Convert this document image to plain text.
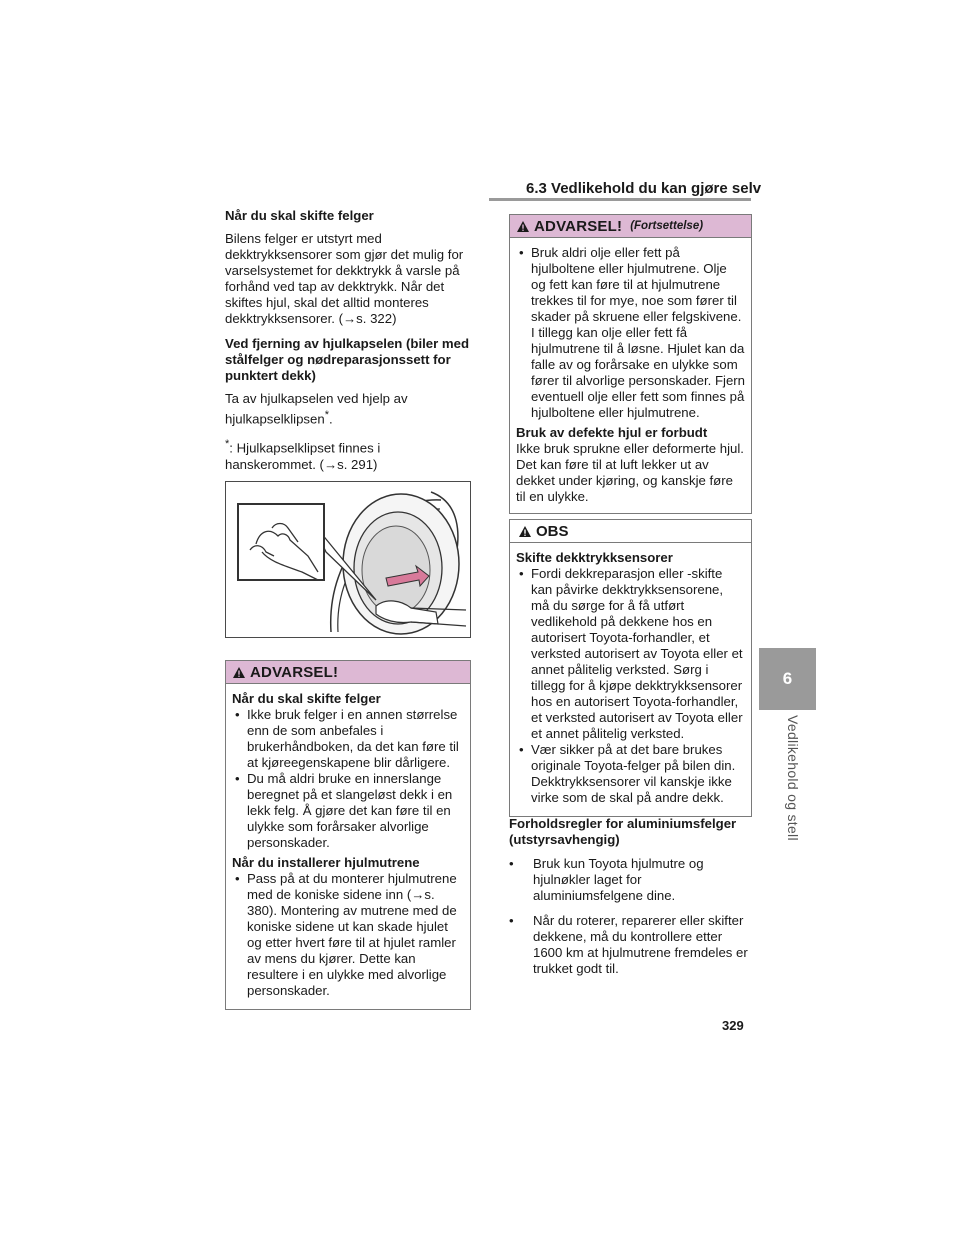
6.3 Vedlikehold du kan gjøre selv
6
Vedlikehold og stell
Når du skal skifte felger

Bilens felger er utstyrt med dekktrykksensorer som gjør det mulig for varselsystemet for dekktrykk å varsle på forhånd ved tap av dekktrykk. Når det skiftes hjul, skal det alltid monteres dekktrykksensorer. (→s. 322)

Ved fjerning av hjulkapselen (biler med stålfelger og nødreparasjonssett for punktert dekk)

Ta av hjulkapselen ved hjelp av hjulkapselklipsen*.

*: Hjulkapselklipset finnes i hanskerommet. (→s. 291)

ADVARSEL!
Når du skal skifte felger
• Ikke bruk felger i en annen størrelse enn de som anbefales i brukerhåndboken, da det kan føre til at kjøreegenskapene blir dårligere.
• Du må aldri bruke en innerslange beregnet på et slangeløst dekk i en lekk felg. Å gjøre det kan føre til en ulykke som forårsaker alvorlige personskader.
Når du installerer hjulmutrene
• Pass på at du monterer hjulmutrene med de koniske sidene inn (→s. 380). Montering av mutrene med de koniske sidene ut kan skade hjulet og etter hvert føre til at hjulet ramler av mens du kjører. Dette kan resultere i en ulykke med alvorlige personskader.
ADVARSEL! (Fortsettelse)
• Bruk aldri olje eller fett på hjulboltene eller hjulmutrene. Olje og fett kan føre til at hjulmutrene trekkes til for mye, noe som fører til skader på skruene eller felgskivene. I tillegg kan olje eller fett få hjulmutrene til å løsne. Hjulet kan da falle av og forårsake en ulykke som fører til alvorlige personskader. Fjern eventuell olje eller fett som finnes på hjulboltene eller hjulmutrene.
Bruk av defekte hjul er forbudt

Ikke bruk sprukne eller deformerte hjul. Det kan føre til at luft lekker ut av dekket under kjøring, og kanskje føre til en ulykke.

OBS
Skifte dekktrykksensorer
• Fordi dekkreparasjon eller -skifte kan påvirke dekktrykksensorene, må du sørge for å få utført vedlikehold på dekkene hos en autorisert Toyota-forhandler, et verksted autorisert av Toyota eller et annet pålitelig verksted. Sørg i tillegg for å kjøpe dekktrykksensorer hos en autorisert Toyota-forhandler, et verksted autorisert av Toyota eller et annet pålitelig verksted.
• Vær sikker på at det bare brukes originale Toyota-felger på bilen din. Dekktrykksensorer vil kanskje ikke virke som de skal på andre dekk.
Forholdsregler for aluminiumsfelger (utstyrsavhengig)
• Bruk kun Toyota hjulmutre og hjulnøkler laget for aluminiumsfelgene dine.
• Når du roterer, reparerer eller skifter dekkene, må du kontrollere etter 1600 km at hjulmutrene fremdeles er trukket godt til.
329
